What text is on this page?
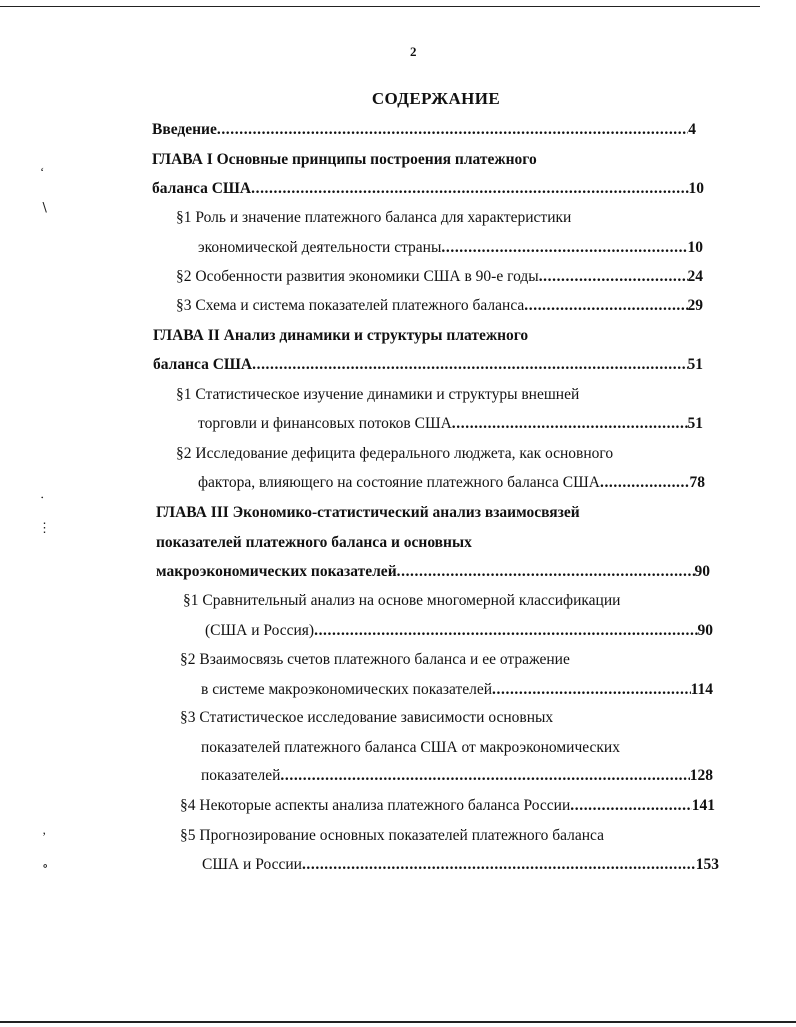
2
СОДЕРЖАНИЕ
Введение .....	4
ГЛАВА I Основные принципы построения платежного
баланса США .....	10
§1 Роль и значение платежного баланса для характеристики
экономической деятельности страны .....	10
§2 Особенности развития экономики США в 90-е годы .....	24
§3 Схема и система показателей платежного баланса .....	29
ГЛАВА II Анализ динамики и структуры платежного
баланса США .....	51
§1 Статистическое изучение динамики и структуры внешней
торговли и финансовых потоков США .....	51
§2 Исследование дефицита федерального люджета, как основного
фактора, влияющего на состояние платежного баланса США .....	78
ГЛАВА III Экономико-статистический анализ взаимосвязей
показателей платежного баланса и основных
макроэкономических показателей .....	90
§1 Сравнительный анализ на основе многомерной классификации
(США и Россия) .....	90
§2 Взаимосвязь счетов платежного баланса и ее отражение
в системе макроэкономических показателей .....	114
§3 Статистическое исследование зависимости основных
показателей платежного баланса США от макроэкономических
показателей .....	128
§4 Некоторые аспекты анализа платежного баланса России .....	141
§5 Прогнозирование основных показателей платежного баланса
США и России .....	153
‘
∖
⋅
⋮
‚
∘
